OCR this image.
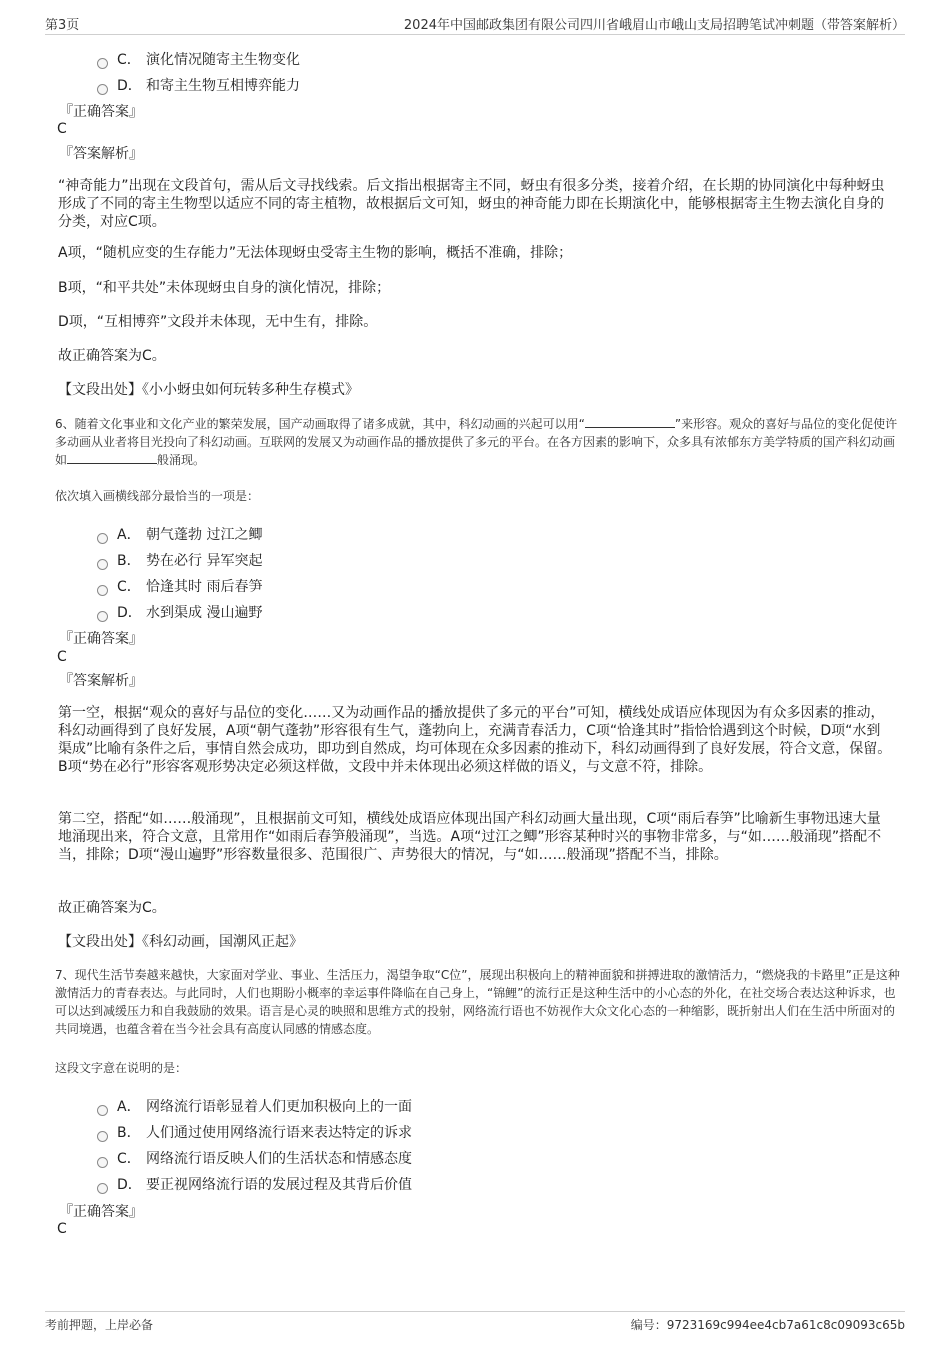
第3页	2024年中国邮政集团有限公司四川省峨眉山市峨山支局招聘笔试冲刺题（带答案解析）
C． 演化情况随寄主生物变化
D． 和寄主生物互相博弈能力
『正确答案』
C
『答案解析』
“神奇能力”出现在文段首句，需从后文寻找线索。后文指出根据寄主不同，蚜虫有很多分类，接着介绍，在长期的协同演化中每种蚜虫形成了不同的寄主生物型以适应不同的寄主植物，故根据后文可知，蚜虫的神奇能力即在长期演化中，能够根据寄主生物去演化自身的分类，对应C项。
A项，“随机应变的生存能力”无法体现蚜虫受寄主生物的影响，概括不准确，排除；
B项，“和平共处”未体现蚜虫自身的演化情况，排除；
D项，“互相博弈”文段并未体现，无中生有，排除。
故正确答案为C。
【文段出处】《小小蚜虫如何玩转多种生存模式》
6、随着文化事业和文化产业的繁荣发展，国产动画取得了诸多成就，其中，科幻动画的兴起可以用“	”来形容。观众的喜好与品位的变化促使许多动画从业者将目光投向了科幻动画。互联网的发展又为动画作品的播放提供了多元的平台。在各方因素的影响下，众多具有浓郁东方美学特质的国产科幻动画如	般涌现。
依次填入画横线部分最恰当的一项是：
A． 朝气蓬勃 过江之鲫
B． 势在必行 异军突起
C． 恰逢其时 雨后春笋
D． 水到渠成 漫山遍野
『正确答案』
C
『答案解析』
第一空，根据“观众的喜好与品位的变化……又为动画作品的播放提供了多元的平台”可知，横线处成语应体现因为有众多因素的推动，科幻动画得到了良好发展，A项“朝气蓬勃”形容很有生气，蓬勃向上，充满青春活力，C项“恰逢其时”指恰恰遇到这个时候，D项“水到渠成”比喻有条件之后，事情自然会成功，即功到自然成，均可体现在众多因素的推动下，科幻动画得到了良好发展，符合文意，保留。B项“势在必行”形容客观形势决定必须这样做，文段中并未体现出必须这样做的语义，与文意不符，排除。
第二空，搭配“如……般涌现”，且根据前文可知，横线处成语应体现出国产科幻动画大量出现，C项“雨后春笋”比喻新生事物迅速大量地涌现出来，符合文意，且常用作“如雨后春笋般涌现”，当选。A项“过江之鲫”形容某种时兴的事物非常多，与“如……般涌现”搭配不当，排除；D项“漫山遍野”形容数量很多、范围很广、声势很大的情况，与“如……般涌现”搭配不当，排除。
故正确答案为C。
【文段出处】《科幻动画，国潮风正起》
7、现代生活节奏越来越快，大家面对学业、事业、生活压力，渴望争取“C位”，展现出积极向上的精神面貌和拼搏进取的激情活力，“燃烧我的卡路里”正是这种激情活力的青春表达。与此同时，人们也期盼小概率的幸运事件降临在自己身上，“锦鲤”的流行正是这种生活中的小心态的外化，在社交场合表达这种诉求，也可以达到减缓压力和自我鼓励的效果。语言是心灵的映照和思维方式的投射，网络流行语也不妨视作大众文化心态的一种缩影，既折射出人们在生活中所面对的共同境遇，也蕴含着在当今社会具有高度认同感的情感态度。
这段文字意在说明的是：
A． 网络流行语彰显着人们更加积极向上的一面
B． 人们通过使用网络流行语来表达特定的诉求
C． 网络流行语反映人们的生活状态和情感态度
D． 要正视网络流行语的发展过程及其背后价值
『正确答案』
C
考前押题，上岸必备	编号：9723169c994ee4cb7a61c8c09093c65b
